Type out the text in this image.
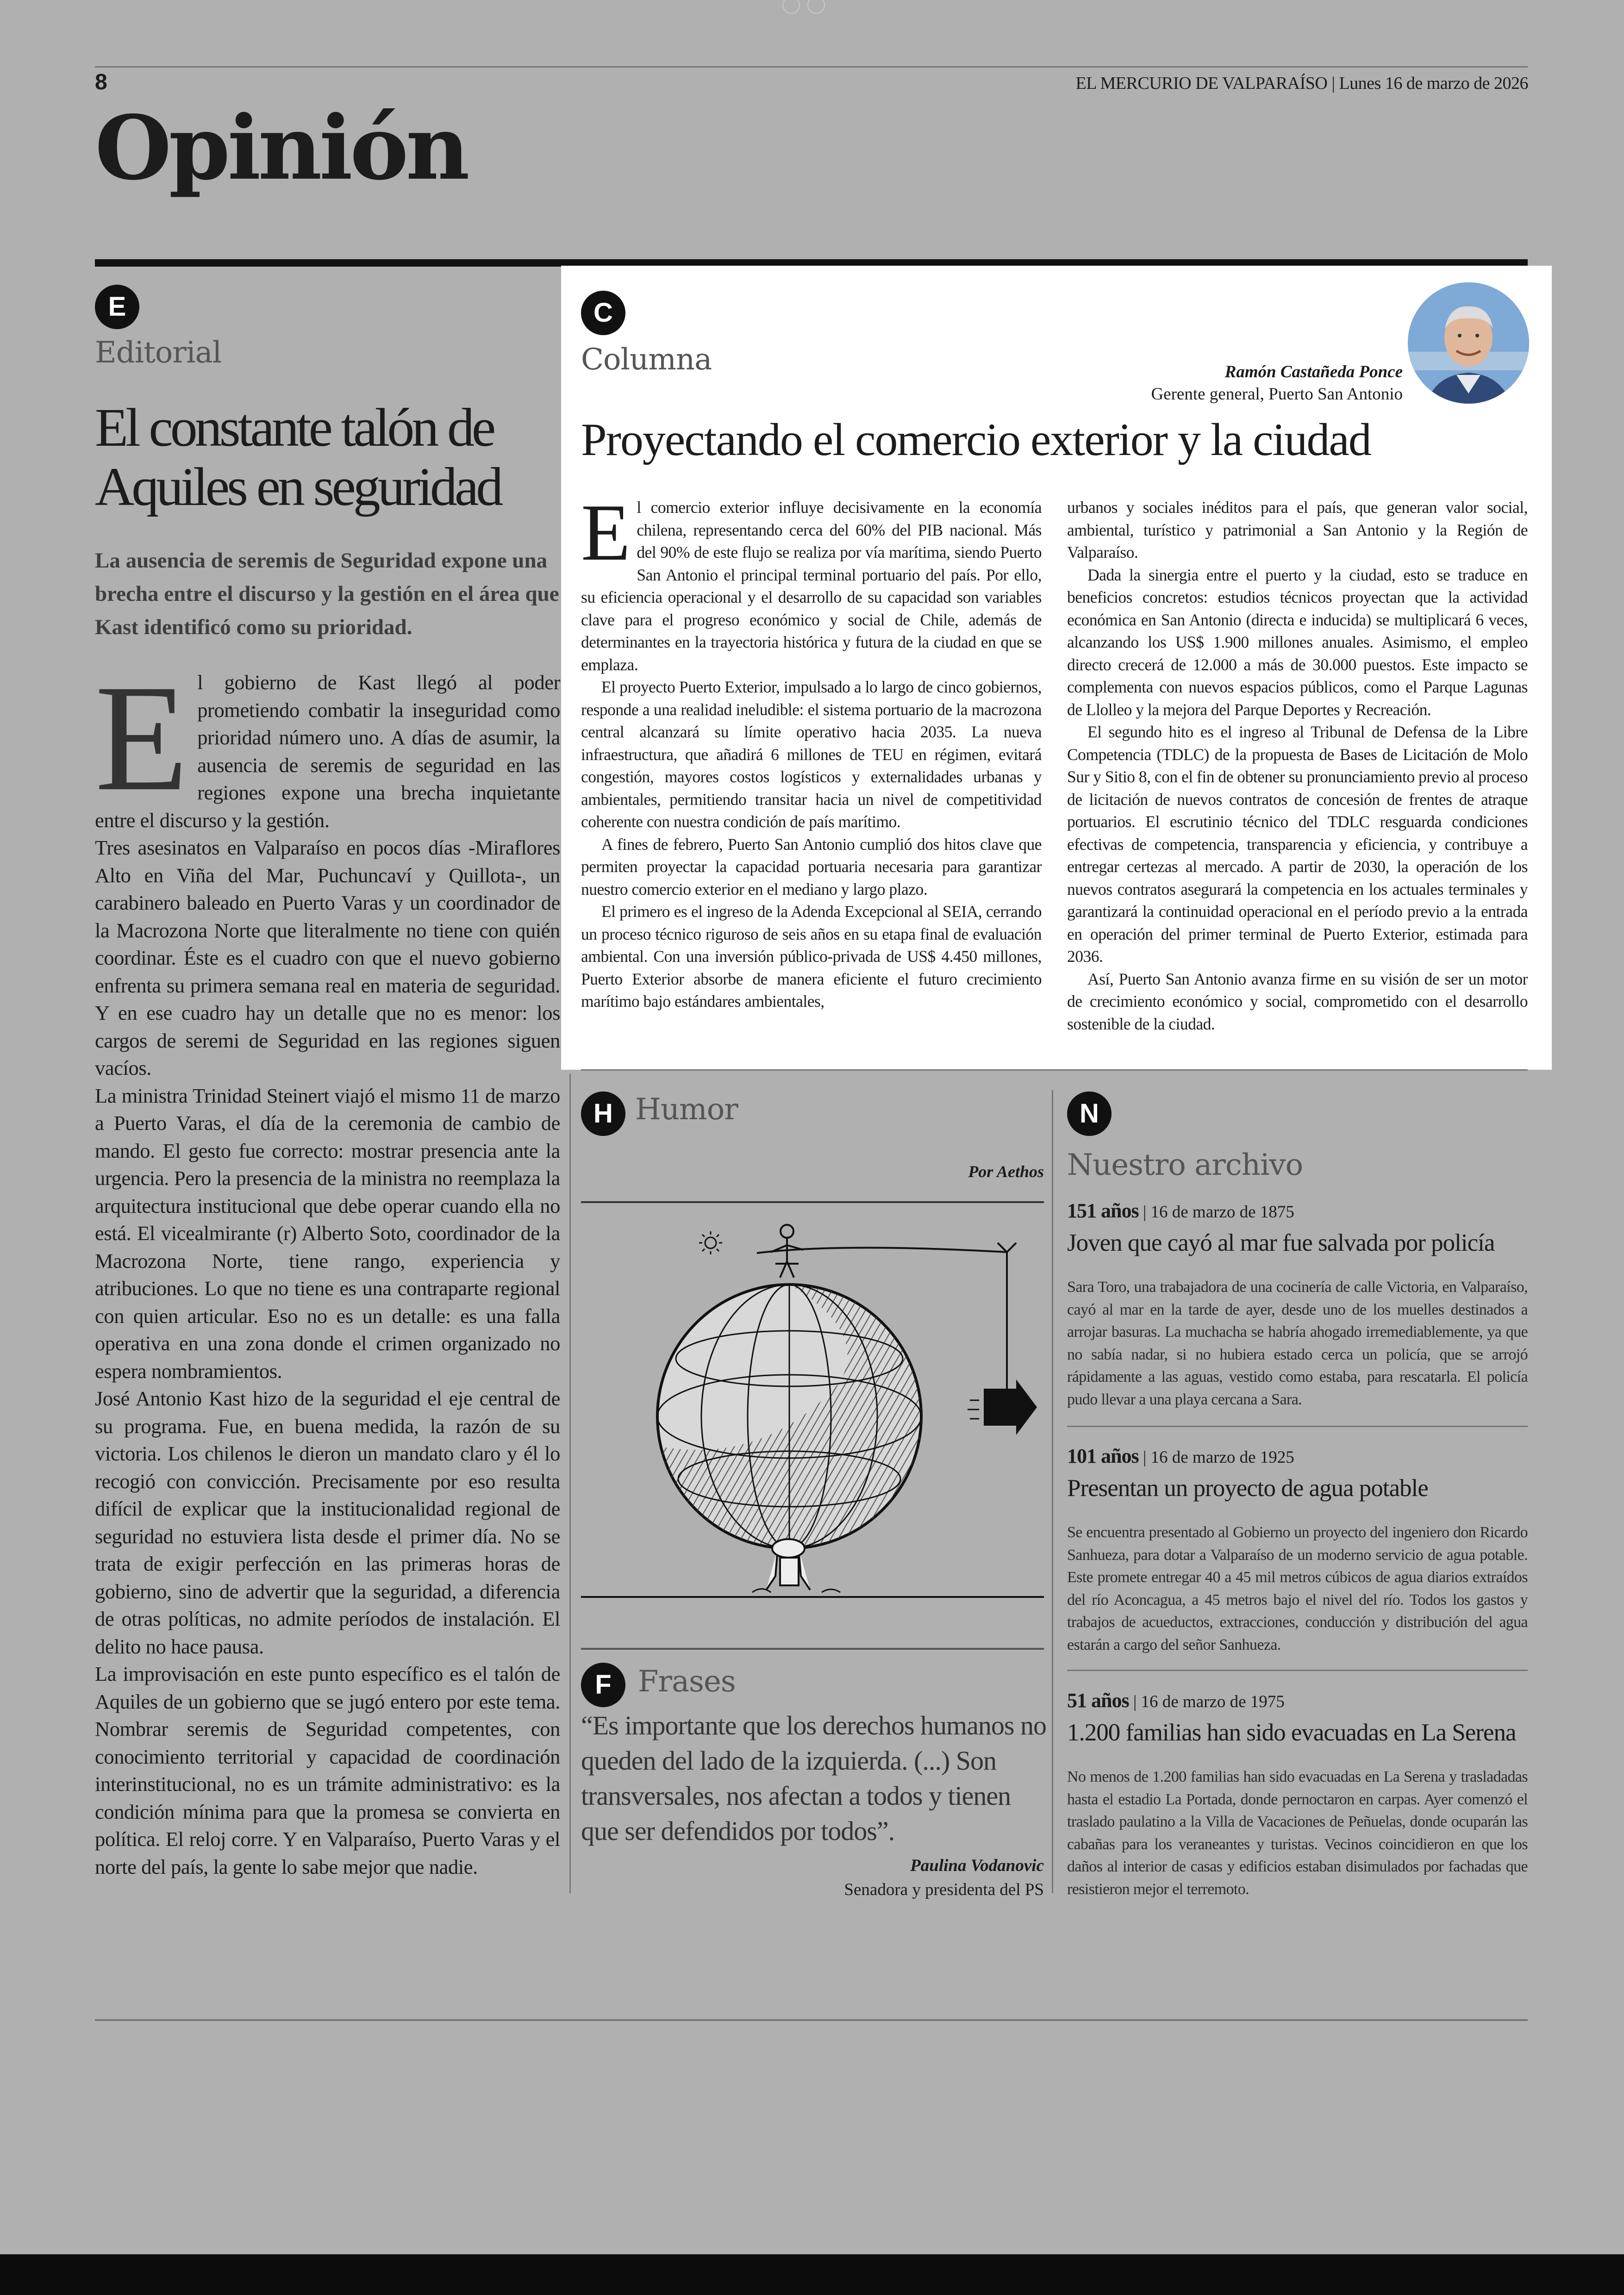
8	EL MERCURIO DE VALPARAÍSO | Lunes 16 de marzo de 2026
Opinión
E
Editorial
El constante talón de Aquiles en seguridad
La ausencia de seremis de Seguridad expone una brecha entre el discurso y la gestión en el área que Kast identificó como su prioridad.
E l gobierno de Kast llegó al poder prometiendo combatir la inseguridad como prioridad número uno. A días de asumir, la ausencia de seremis de seguridad en las regiones expone una brecha inquietante entre el discurso y la gestión.

Tres asesinatos en Valparaíso en pocos días -Miraflores Alto en Viña del Mar, Puchuncaví y Quillota-, un carabinero baleado en Puerto Varas y un coordinador de la Macrozona Norte que literalmente no tiene con quién coordinar. Éste es el cuadro con que el nuevo gobierno enfrenta su primera semana real en materia de seguridad. Y en ese cuadro hay un detalle que no es menor: los cargos de seremi de Seguridad en las regiones siguen vacíos.

La ministra Trinidad Steinert viajó el mismo 11 de marzo a Puerto Varas, el día de la ceremonia de cambio de mando. El gesto fue correcto: mostrar presencia ante la urgencia. Pero la presencia de la ministra no reemplaza la arquitectura institucional que debe operar cuando ella no está. El vicealmirante (r) Alberto Soto, coordinador de la Macrozona Norte, tiene rango, experiencia y atribuciones. Lo que no tiene es una contraparte regional con quien articular. Eso no es un detalle: es una falla operativa en una zona donde el crimen organizado no espera nombramientos.

José Antonio Kast hizo de la seguridad el eje central de su programa. Fue, en buena medida, la razón de su victoria. Los chilenos le dieron un mandato claro y él lo recogió con convicción. Precisamente por eso resulta difícil de explicar que la institucionalidad regional de seguridad no estuviera lista desde el primer día. No se trata de exigir perfección en las primeras horas de gobierno, sino de advertir que la seguridad, a diferencia de otras políticas, no admite períodos de instalación. El delito no hace pausa.

La improvisación en este punto específico es el talón de Aquiles de un gobierno que se jugó entero por este tema. Nombrar seremis de Seguridad competentes, con conocimiento territorial y capacidad de coordinación interinstitucional, no es un trámite administrativo: es la condición mínima para que la promesa se convierta en política. El reloj corre. Y en Valparaíso, Puerto Varas y el norte del país, la gente lo sabe mejor que nadie.

C
Columna	Ramón Castañeda Ponce
Gerente general, Puerto San Antonio
Proyectando el comercio exterior y la ciudad
E l comercio exterior influye decisivamente en la economía chilena, representando cerca del 60% del PIB nacional. Más del 90% de este flujo se realiza por vía marítima, siendo Puerto San Antonio el principal terminal portuario del país. Por ello, su eficiencia operacional y el desarrollo de su capacidad son variables clave para el progreso económico y social de Chile, además de determinantes en la trayectoria histórica y futura de la ciudad en que se emplaza.

El proyecto Puerto Exterior, impulsado a lo largo de cinco gobiernos, responde a una realidad ineludible: el sistema portuario de la macrozona central alcanzará su límite operativo hacia 2035. La nueva infraestructura, que añadirá 6 millones de TEU en régimen, evitará congestión, mayores costos logísticos y externalidades urbanas y ambientales, permitiendo transitar hacia un nivel de competitividad coherente con nuestra condición de país marítimo.

A fines de febrero, Puerto San Antonio cumplió dos hitos clave que permiten proyectar la capacidad portuaria necesaria para garantizar nuestro comercio exterior en el mediano y largo plazo.

El primero es el ingreso de la Adenda Excepcional al SEIA, cerrando un proceso técnico riguroso de seis años en su etapa final de evaluación ambiental. Con una inversión público-privada de US$ 4.450 millones, Puerto Exterior absorbe de manera eficiente el futuro crecimiento marítimo bajo estándares ambientales,

urbanos y sociales inéditos para el país, que generan valor social, ambiental, turístico y patrimonial a San Antonio y la Región de Valparaíso.

Dada la sinergia entre el puerto y la ciudad, esto se traduce en beneficios concretos: estudios técnicos proyectan que la actividad económica en San Antonio (directa e inducida) se multiplicará 6 veces, alcanzando los US$ 1.900 millones anuales. Asimismo, el empleo directo crecerá de 12.000 a más de 30.000 puestos. Este impacto se complementa con nuevos espacios públicos, como el Parque Lagunas de Llolleo y la mejora del Parque Deportes y Recreación.

El segundo hito es el ingreso al Tribunal de Defensa de la Libre Competencia (TDLC) de la propuesta de Bases de Licitación de Molo Sur y Sitio 8, con el fin de obtener su pronunciamiento previo al proceso de licitación de nuevos contratos de concesión de frentes de atraque portuarios. El escrutinio técnico del TDLC resguarda condiciones efectivas de competencia, transparencia y eficiencia, y contribuye a entregar certezas al mercado. A partir de 2030, la operación de los nuevos contratos asegurará la competencia en los actuales terminales y garantizará la continuidad operacional en el período previo a la entrada en operación del primer terminal de Puerto Exterior, estimada para 2036.

Así, Puerto San Antonio avanza firme en su visión de ser un motor de crecimiento económico y social, comprometido con el desarrollo sostenible de la ciudad.

H Humor
Por Aethos
F Frases
“Es importante que los derechos humanos no queden del lado de la izquierda. (...) Son transversales, nos afectan a todos y tienen que ser defendidos por todos”.
Paulina Vodanovic
Senadora y presidenta del PS
N
Nuestro archivo
151 años | 16 de marzo de 1875
Joven que cayó al mar fue salvada por policía
Sara Toro, una trabajadora de una cocinería de calle Victoria, en Valparaíso, cayó al mar en la tarde de ayer, desde uno de los muelles destinados a arrojar basuras. La muchacha se habría ahogado irremediablemente, ya que no sabía nadar, si no hubiera estado cerca un policía, que se arrojó rápidamente a las aguas, vestido como estaba, para rescatarla. El policía pudo llevar a una playa cercana a Sara.
101 años | 16 de marzo de 1925
Presentan un proyecto de agua potable
Se encuentra presentado al Gobierno un proyecto del ingeniero don Ricardo Sanhueza, para dotar a Valparaíso de un moderno servicio de agua potable. Este promete entregar 40 a 45 mil metros cúbicos de agua diarios extraídos del río Aconcagua, a 45 metros bajo el nivel del río. Todos los gastos y trabajos de acueductos, extracciones, conducción y distribución del agua estarán a cargo del señor Sanhueza.
51 años | 16 de marzo de 1975
1.200 familias han sido evacuadas en La Serena
No menos de 1.200 familias han sido evacuadas en La Serena y trasladadas hasta el estadio La Portada, donde pernoctaron en carpas. Ayer comenzó el traslado paulatino a la Villa de Vacaciones de Peñuelas, donde ocuparán las cabañas para los veraneantes y turistas. Vecinos coincidieron en que los daños al interior de casas y edificios estaban disimulados por fachadas que resistieron mejor el terremoto.
